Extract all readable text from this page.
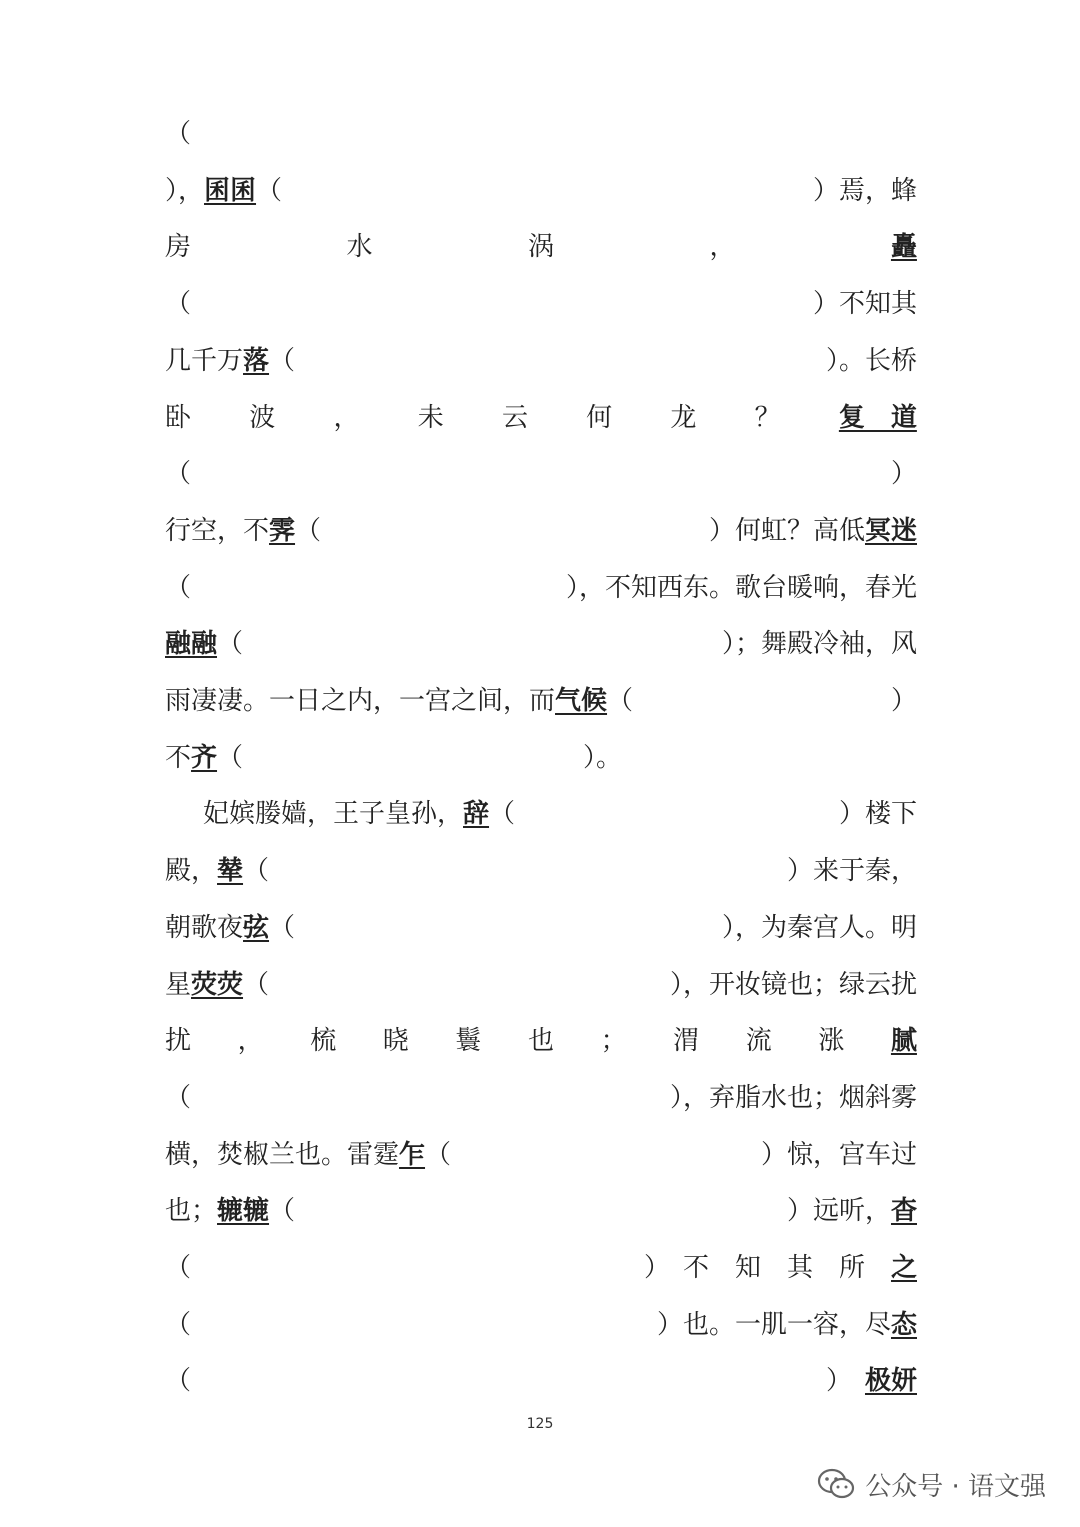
（
）， 囷囷 （	）焉，蜂
房	水	涡	，	矗
（	）不知其
几千万 落 （	）。长桥
卧 波 ， 未 云 何 龙 ？ 复　道
（	）
行空，不 霁 （	）何虹？高低 冥迷
（	），不知西东。歌台暖响，春光
融融 （	）；舞殿冷袖，风
雨凄凄。一日之内，一宫之间，而 气候 （	）
不 齐 （	）。
妃嫔媵嫱，王子皇孙， 辞 （	）楼下
殿， 辇 （	）来于秦，
朝歌夜 弦 （	），为秦宫人。明
星 荧荧 （	），开妆镜也；绿云扰
扰 ， 梳 晓 鬟 也 ； 渭 流 涨 腻
（	），弃脂水也；烟斜雾
横，焚椒兰也。雷霆 乍 （	）惊，宫车过
也； 辘辘 （	）远听， 杳
（	）　不　知　其　所　 之
（	）也。一肌一容，尽 态
（	）　 极妍
125
公众号 · 语文强
